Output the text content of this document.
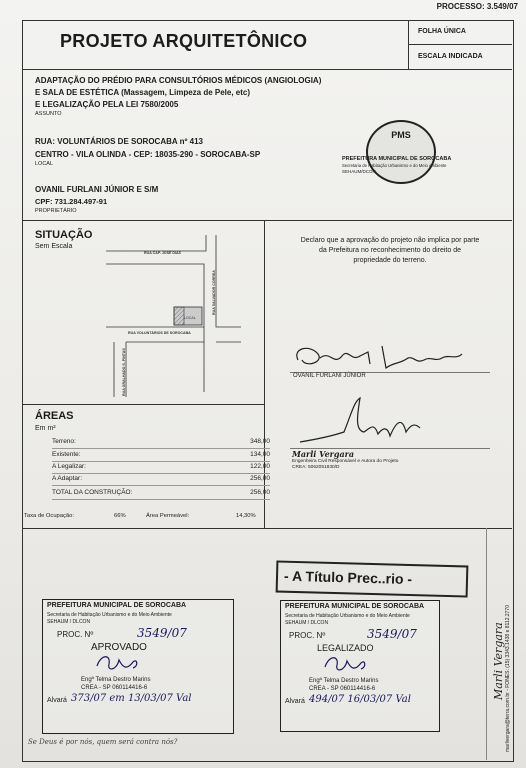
PROCESSO: 3.549/07
PROJETO ARQUITETÔNICO	FOLHA ÚNICA
ESCALA INDICADA
ADAPTAÇÃO DO PRÉDIO PARA CONSULTÓRIOS MÉDICOS (ANGIOLOGIA)
E SALA DE ESTÉTICA (Massagem, Limpeza de Pele, etc)
E LEGALIZAÇÃO PELA LEI 7580/2005
ASSUNTO
RUA: VOLUNTÁRIOS DE SOROCABA nº 413
CENTRO - VILA OLINDA - CEP: 18035-290 - SOROCABA-SP
LOCAL
OVANIL FURLANI JÚNIOR E S/M
CPF: 731.284.497-91
PROPRIETÁRIO
PMS
PREFEITURA MUNICIPAL DE SOROCABA
Secretaria de Habitação Urbanismo e do Meio Ambiente
SEHAUM/DCON
SITUAÇÃO
Sem Escala
RUA CAP. JOSÉ DIAS
RUA SALVADOR CORREA
RUA VOLUNTÁRIOS DE SOROCABA
RUA GRALHADO S. PINTAS
LOCAL
Declaro que a aprovação do projeto não implica por parte da Prefeitura no reconhecimento do direito de propriedade do terreno.
OVANIL FURLANI JÚNIOR
Marli Vergara
Engenheira Civil Responsável e Autora do Projeto
CREA: 5062051830/D
ÁREAS
Em m²
Terreno:	348,00
Existente:	134,00
A Legalizar:	122,00
A Adaptar:	256,00
TOTAL DA CONSTRUÇÃO:	256,00
Taxa de Ocupação:	66%	Área Permeável:	14,30%
- A Título Prec..rio -
PREFEITURA MUNICIPAL DE SOROCABA
Secretaria de Habitação Urbanismo e do Meio Ambiente
SEHAUM / DLCON
PROC. Nº	3549/07
APROVADO
Engª Telma Destro Marins
CREA - SP 060114416-6
Alvará 373/07 em 13/03/07 Val
PREFEITURA MUNICIPAL DE SOROCABA
Secretaria de Habitação Urbanismo e do Meio Ambiente
SEHAUM / DLCON
PROC. Nº	3549/07
LEGALIZADO
Engª Telma Destro Marins
CREA - SP 060114416-6
Alvará 494/07 16/03/07 Val	Marli Vergara marlivergara@terra.com.br - FONES: (15) 3343.1438 e 8112.2770
Se Deus é por nós, quem será contra nós?
